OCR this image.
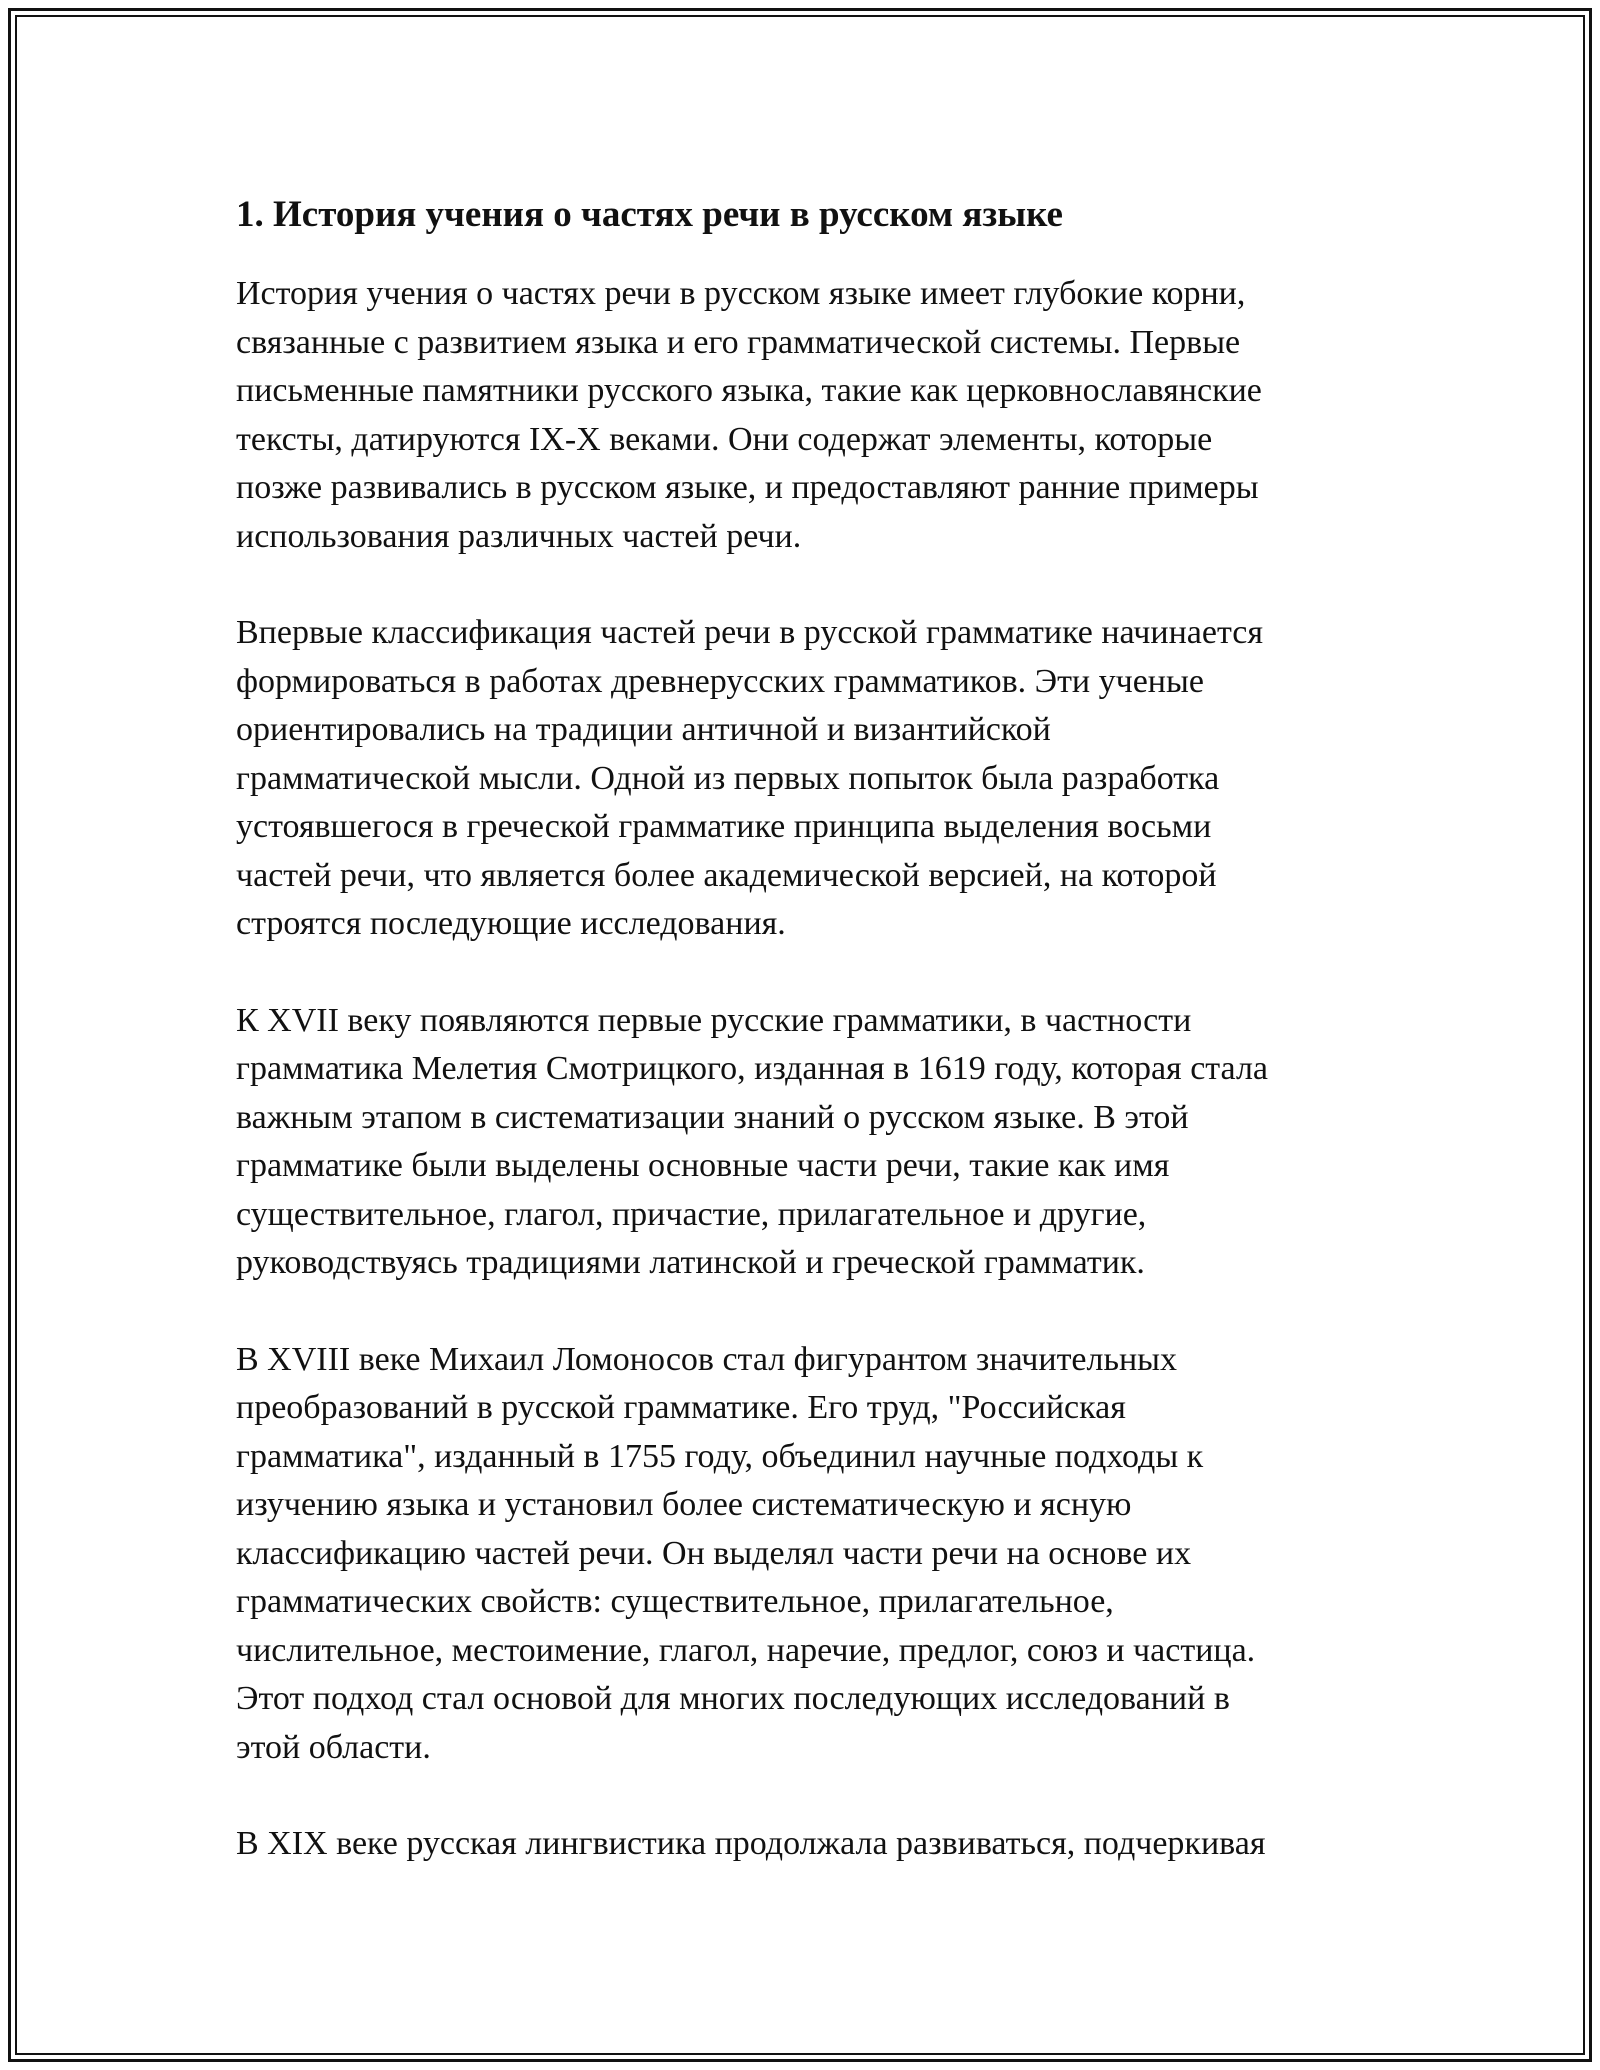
1. История учения о частях речи в русском языке

История учения о частях речи в русском языке имеет глубокие корни,
связанные с развитием языка и его грамматической системы. Первые
письменные памятники русского языка, такие как церковнославянские
тексты, датируются IX-X веками. Они содержат элементы, которые
позже развивались в русском языке, и предоставляют ранние примеры
использования различных частей речи.

Впервые классификация частей речи в русской грамматике начинается
формироваться в работах древнерусских грамматиков. Эти ученые
ориентировались на традиции античной и византийской
грамматической мысли. Одной из первых попыток была разработка
устоявшегося в греческой грамматике принципа выделения восьми
частей речи, что является более академической версией, на которой
строятся последующие исследования.

К XVII веку появляются первые русские грамматики, в частности
грамматика Мелетия Смотрицкого, изданная в 1619 году, которая стала
важным этапом в систематизации знаний о русском языке. В этой
грамматике были выделены основные части речи, такие как имя
существительное, глагол, причастие, прилагательное и другие,
руководствуясь традициями латинской и греческой грамматик.

В XVIII веке Михаил Ломоносов стал фигурантом значительных
преобразований в русской грамматике. Его труд, "Российская
грамматика", изданный в 1755 году, объединил научные подходы к
изучению языка и установил более систематическую и ясную
классификацию частей речи. Он выделял части речи на основе их
грамматических свойств: существительное, прилагательное,
числительное, местоимение, глагол, наречие, предлог, союз и частица.
Этот подход стал основой для многих последующих исследований в
этой области.

В XIX веке русская лингвистика продолжала развиваться, подчеркивая
